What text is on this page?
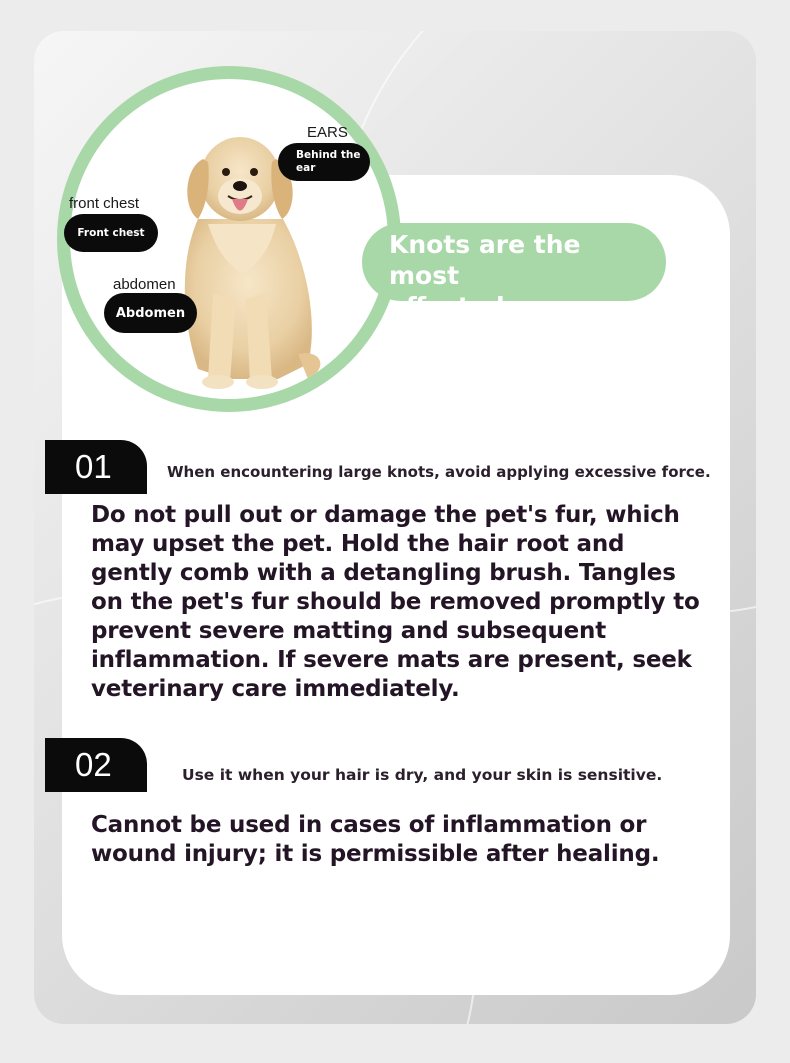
EARS
Behind the ear
front chest
Front chest
abdomen
Abdomen
Knots are the most
affected area
01	When encountering large knots, avoid applying excessive force.
Do not pull out or damage the pet's fur, which may upset the pet. Hold the hair root and gently comb with a detangling brush. Tangles on the pet's fur should be removed promptly to prevent severe matting and subsequent inflammation. If severe mats are present, seek veterinary care immediately.
02	Use it when your hair is dry, and your skin is sensitive.
Cannot be used in cases of inflammation or wound injury; it is permissible after healing.
